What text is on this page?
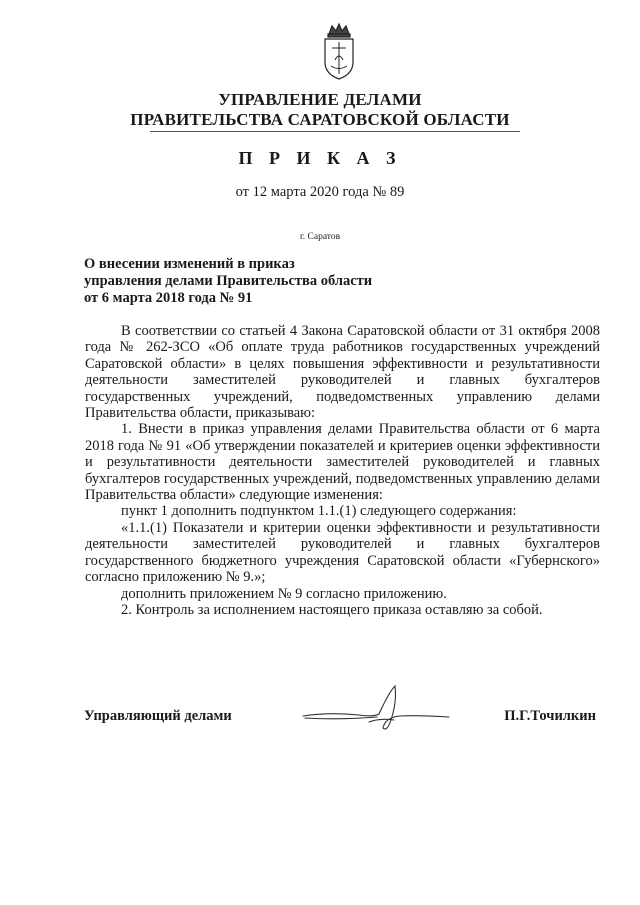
УПРАВЛЕНИЕ ДЕЛАМИ
ПРАВИТЕЛЬСТВА САРАТОВСКОЙ ОБЛАСТИ
П Р И К А З
от 12 марта 2020 года № 89
г. Саратов
О внесении изменений в приказ
управления делами Правительства области
от 6 марта 2018 года № 91

В соответствии со статьей 4 Закона Саратовской области от 31 октября 2008 года № 262-ЗСО «Об оплате труда работников государственных учреждений Саратовской области» в целях повышения эффективности и результативности деятельности заместителей руководителей и главных бухгалтеров государственных учреждений, подведомственных управлению делами Правительства области, приказываю:

1. Внести в приказ управления делами Правительства области от 6 марта 2018 года № 91 «Об утверждении показателей и критериев оценки эффективности и результативности деятельности заместителей руководителей и главных бухгалтеров государственных учреждений, подведомственных управлению делами Правительства области» следующие изменения:

пункт 1 дополнить подпунктом 1.1.(1) следующего содержания:

«1.1.(1) Показатели и критерии оценки эффективности и результативности деятельности заместителей руководителей и главных бухгалтеров государственного бюджетного учреждения Саратовской области «Губернского» согласно приложению № 9.»;

дополнить приложением № 9 согласно приложению.

2. Контроль за исполнением настоящего приказа оставляю за собой.

Управляющий делами	П.Г.Точилкин
